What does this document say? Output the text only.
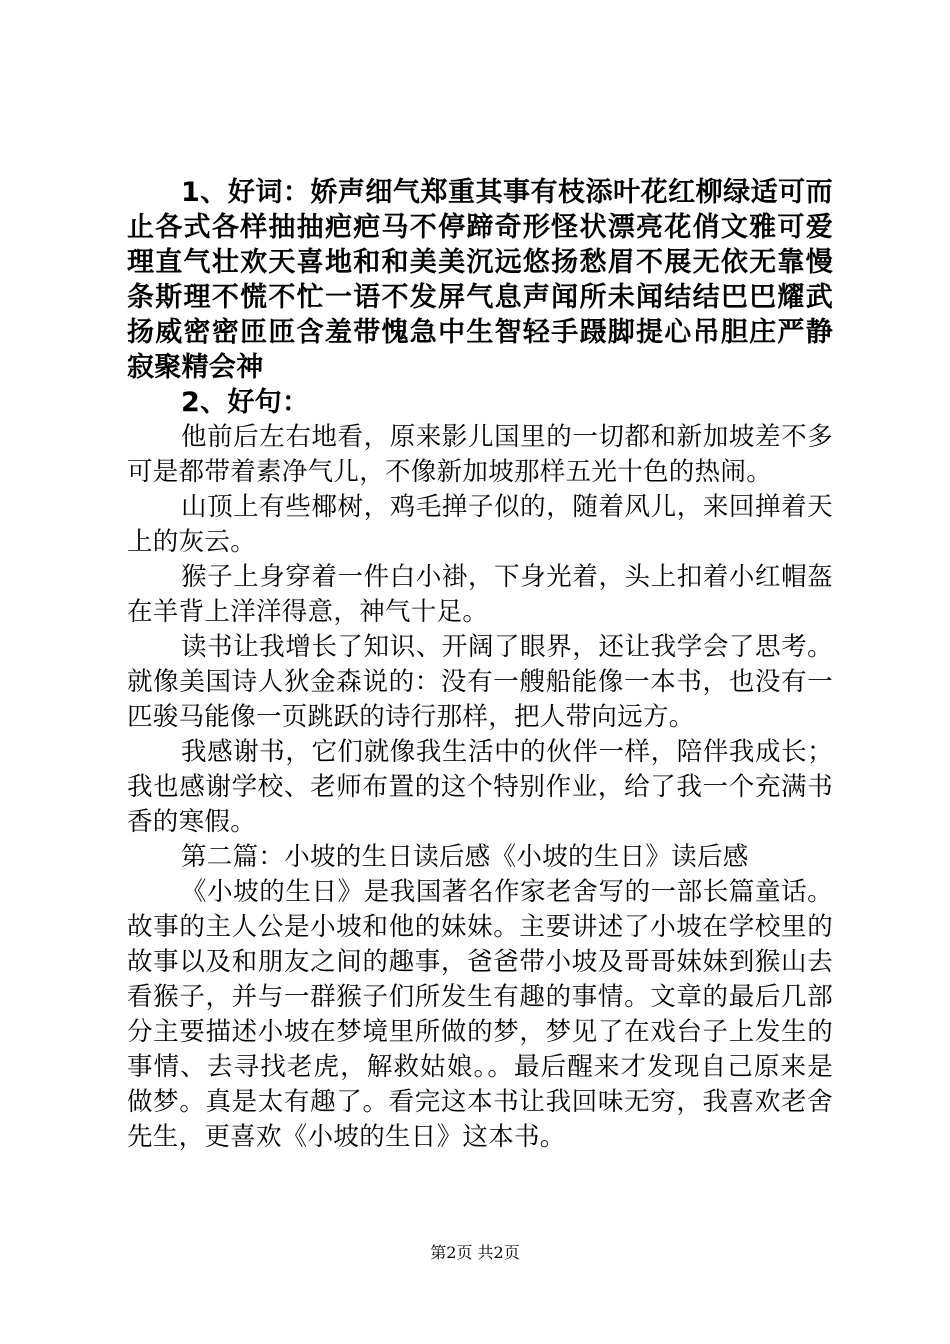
1、好词：娇声细气郑重其事有枝添叶花红柳绿适可而止各式各样抽抽疤疤马不停蹄奇形怪状漂亮花俏文雅可爱理直气壮欢天喜地和和美美沉远悠扬愁眉不展无依无靠慢条斯理不慌不忙一语不发屏气息声闻所未闻结结巴巴耀武扬威密密匝匝含羞带愧急中生智轻手蹑脚提心吊胆庄严静寂聚精会神

2、好句：

他前后左右地看，原来影儿国里的一切都和新加坡差不多可是都带着素净气儿，不像新加坡那样五光十色的热闹。

山顶上有些椰树，鸡毛掸子似的，随着风儿，来回掸着天上的灰云。

猴子上身穿着一件白小褂，下身光着，头上扣着小红帽盔在羊背上洋洋得意，神气十足。

读书让我增长了知识、开阔了眼界，还让我学会了思考。就像美国诗人狄金森说的：没有一艘船能像一本书，也没有一匹骏马能像一页跳跃的诗行那样，把人带向远方。

我感谢书，它们就像我生活中的伙伴一样，陪伴我成长；我也感谢学校、老师布置的这个特别作业，给了我一个充满书香的寒假。

第二篇：小坡的生日读后感《小坡的生日》读后感

《小坡的生日》是我国著名作家老舍写的一部长篇童话。故事的主人公是小坡和他的妹妹。主要讲述了小坡在学校里的故事以及和朋友之间的趣事，爸爸带小坡及哥哥妹妹到猴山去看猴子，并与一群猴子们所发生有趣的事情。文章的最后几部分主要描述小坡在梦境里所做的梦，梦见了在戏台子上发生的事情、去寻找老虎，解救姑娘。。最后醒来才发现自己原来是做梦。真是太有趣了。看完这本书让我回味无穷，我喜欢老舍先生，更喜欢《小坡的生日》这本书。

第2页 共2页
